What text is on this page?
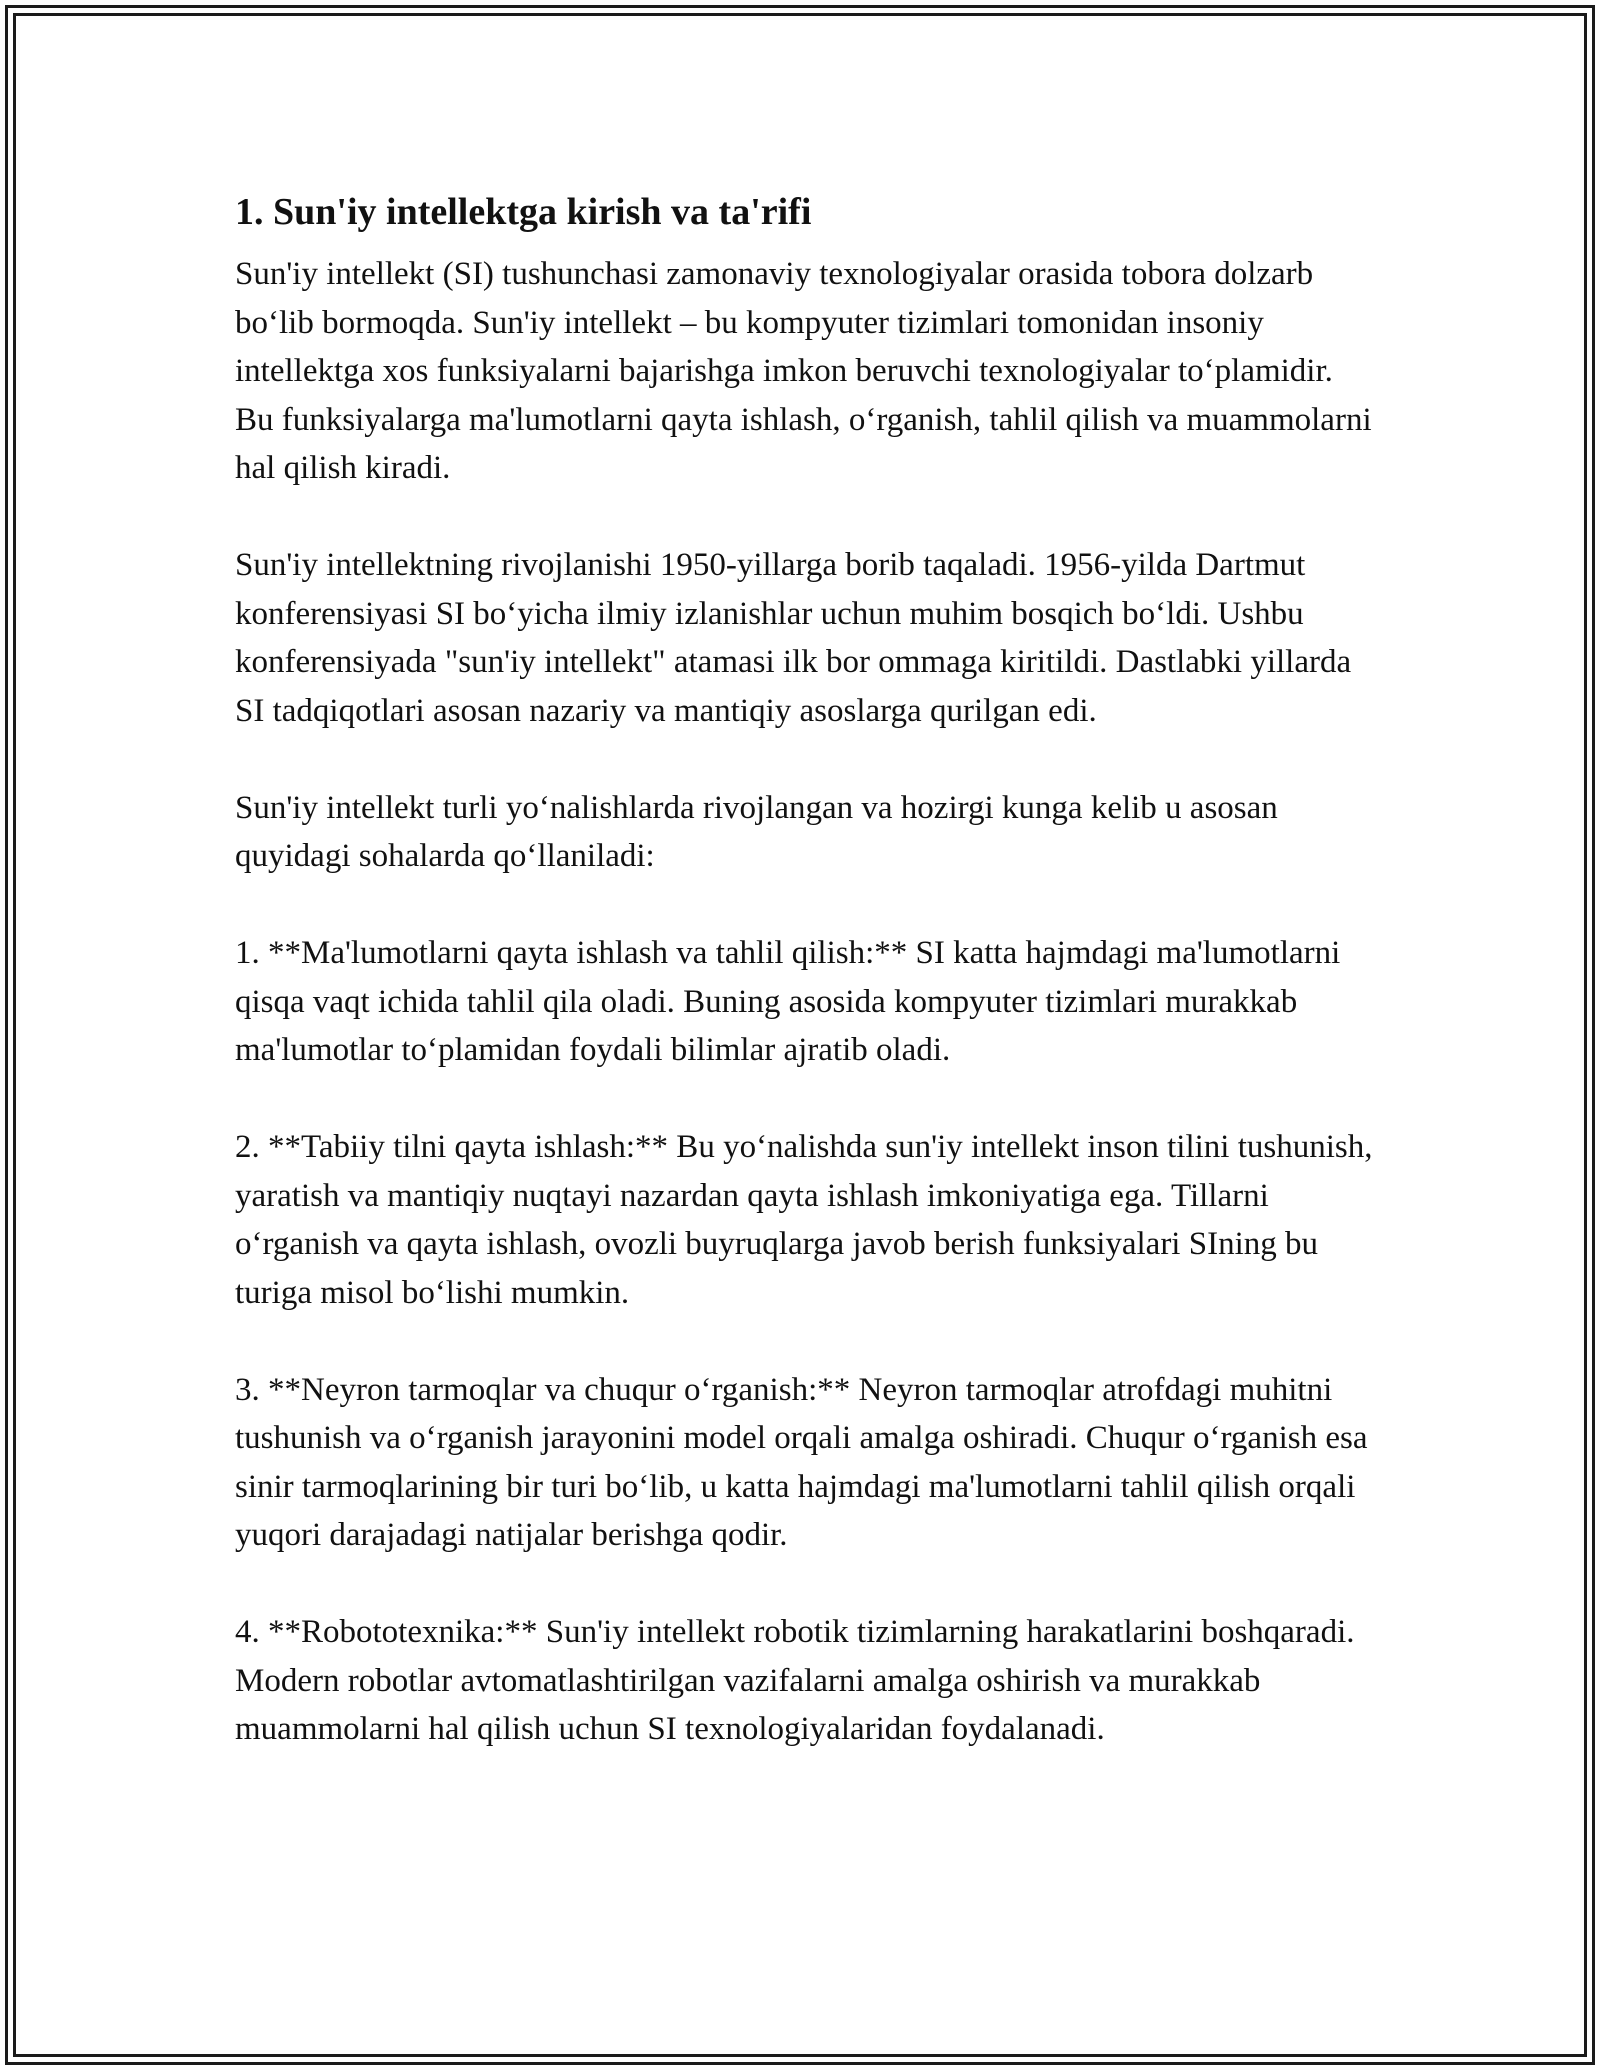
1. Sun'iy intellektga kirish va ta'rifi

Sun'iy intellekt (SI) tushunchasi zamonaviy texnologiyalar orasida tobora dolzarb bo‘lib bormoqda. Sun'iy intellekt – bu kompyuter tizimlari tomonidan insoniy intellektga xos funksiyalarni bajarishga imkon beruvchi texnologiyalar to‘plamidir. Bu funksiyalarga ma'lumotlarni qayta ishlash, o‘rganish, tahlil qilish va muammolarni hal qilish kiradi.

Sun'iy intellektning rivojlanishi 1950-yillarga borib taqaladi. 1956-yilda Dartmut konferensiyasi SI bo‘yicha ilmiy izlanishlar uchun muhim bosqich bo‘ldi. Ushbu konferensiyada "sun'iy intellekt" atamasi ilk bor ommaga kiritildi. Dastlabki yillarda SI tadqiqotlari asosan nazariy va mantiqiy asoslarga qurilgan edi.

Sun'iy intellekt turli yo‘nalishlarda rivojlangan va hozirgi kunga kelib u asosan quyidagi sohalarda qo‘llaniladi:

1. **Ma'lumotlarni qayta ishlash va tahlil qilish:** SI katta hajmdagi ma'lumotlarni qisqa vaqt ichida tahlil qila oladi. Buning asosida kompyuter tizimlari murakkab ma'lumotlar to‘plamidan foydali bilimlar ajratib oladi.

2. **Tabiiy tilni qayta ishlash:** Bu yo‘nalishda sun'iy intellekt inson tilini tushunish, yaratish va mantiqiy nuqtayi nazardan qayta ishlash imkoniyatiga ega. Tillarni o‘rganish va qayta ishlash, ovozli buyruqlarga javob berish funksiyalari SIning bu turiga misol bo‘lishi mumkin.

3. **Neyron tarmoqlar va chuqur o‘rganish:** Neyron tarmoqlar atrofdagi muhitni tushunish va o‘rganish jarayonini model orqali amalga oshiradi. Chuqur o‘rganish esa sinir tarmoqlarining bir turi bo‘lib, u katta hajmdagi ma'lumotlarni tahlil qilish orqali yuqori darajadagi natijalar berishga qodir.

4. **Robototexnika:** Sun'iy intellekt robotik tizimlarning harakatlarini boshqaradi. Modern robotlar avtomatlashtirilgan vazifalarni amalga oshirish va murakkab muammolarni hal qilish uchun SI texnologiyalaridan foydalanadi.
